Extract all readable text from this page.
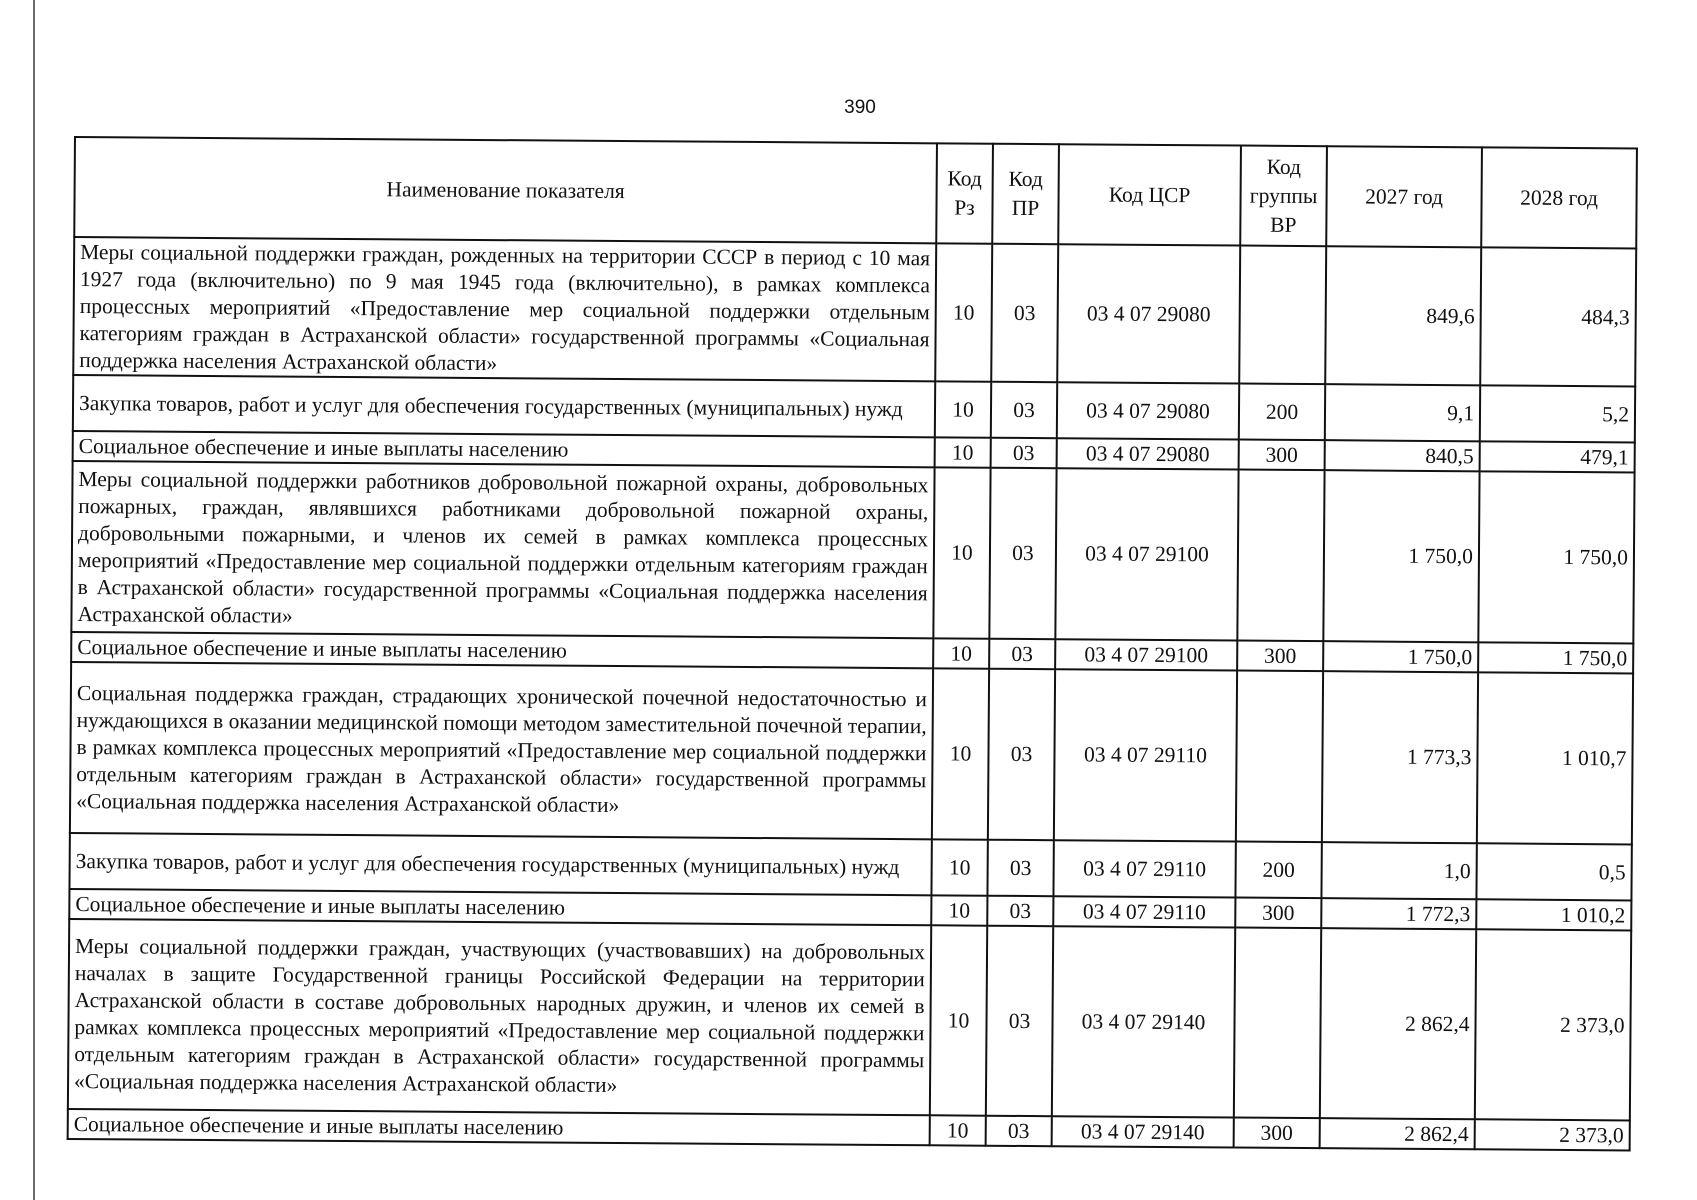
390
Наименование показателя	Код Рз	Код ПР	Код ЦСР	Код группы ВР	2027 год	2028 год
Меры социальной поддержки граждан, рожденных на территории СССР в период с 10 мая 1927 года (включительно) по 9 мая 1945 года (включительно), в рамках комплекса процессных мероприятий «Предоставление мер социальной поддержки отдельным категориям граждан в Астраханской области» государственной программы «Социальная поддержка населения Астраханской области»	10	03	03 4 07 29080		849,6	484,3
Закупка товаров, работ и услуг для обеспечения государственных (муниципальных) нужд	10	03	03 4 07 29080	200	9,1	5,2
Социальное обеспечение и иные выплаты населению	10	03	03 4 07 29080	300	840,5	479,1
Меры социальной поддержки работников добровольной пожарной охраны, добровольных пожарных, граждан, являвшихся работниками добровольной пожарной охраны, добровольными пожарными, и членов их семей в рамках комплекса процессных мероприятий «Предоставление мер социальной поддержки отдельным категориям граждан в Астраханской области» государственной программы «Социальная поддержка населения Астраханской области»	10	03	03 4 07 29100		1 750,0	1 750,0
Социальное обеспечение и иные выплаты населению	10	03	03 4 07 29100	300	1 750,0	1 750,0
Социальная поддержка граждан, страдающих хронической почечной недостаточностью и нуждающихся в оказании медицинской помощи методом заместительной почечной терапии, в рамках комплекса процессных мероприятий «Предоставление мер социальной поддержки отдельным категориям граждан в Астраханской области» государственной программы «Социальная поддержка населения Астраханской области»	10	03	03 4 07 29110		1 773,3	1 010,7
Закупка товаров, работ и услуг для обеспечения государственных (муниципальных) нужд	10	03	03 4 07 29110	200	1,0	0,5
Социальное обеспечение и иные выплаты населению	10	03	03 4 07 29110	300	1 772,3	1 010,2
Меры социальной поддержки граждан, участвующих (участвовавших) на добровольных началах в защите Государственной границы Российской Федерации на территории Астраханской области в составе добровольных народных дружин, и членов их семей в рамках комплекса процессных мероприятий «Предоставление мер социальной поддержки отдельным категориям граждан в Астраханской области» государственной программы «Социальная поддержка населения Астраханской области»	10	03	03 4 07 29140		2 862,4	2 373,0
Социальное обеспечение и иные выплаты населению	10	03	03 4 07 29140	300	2 862,4	2 373,0
